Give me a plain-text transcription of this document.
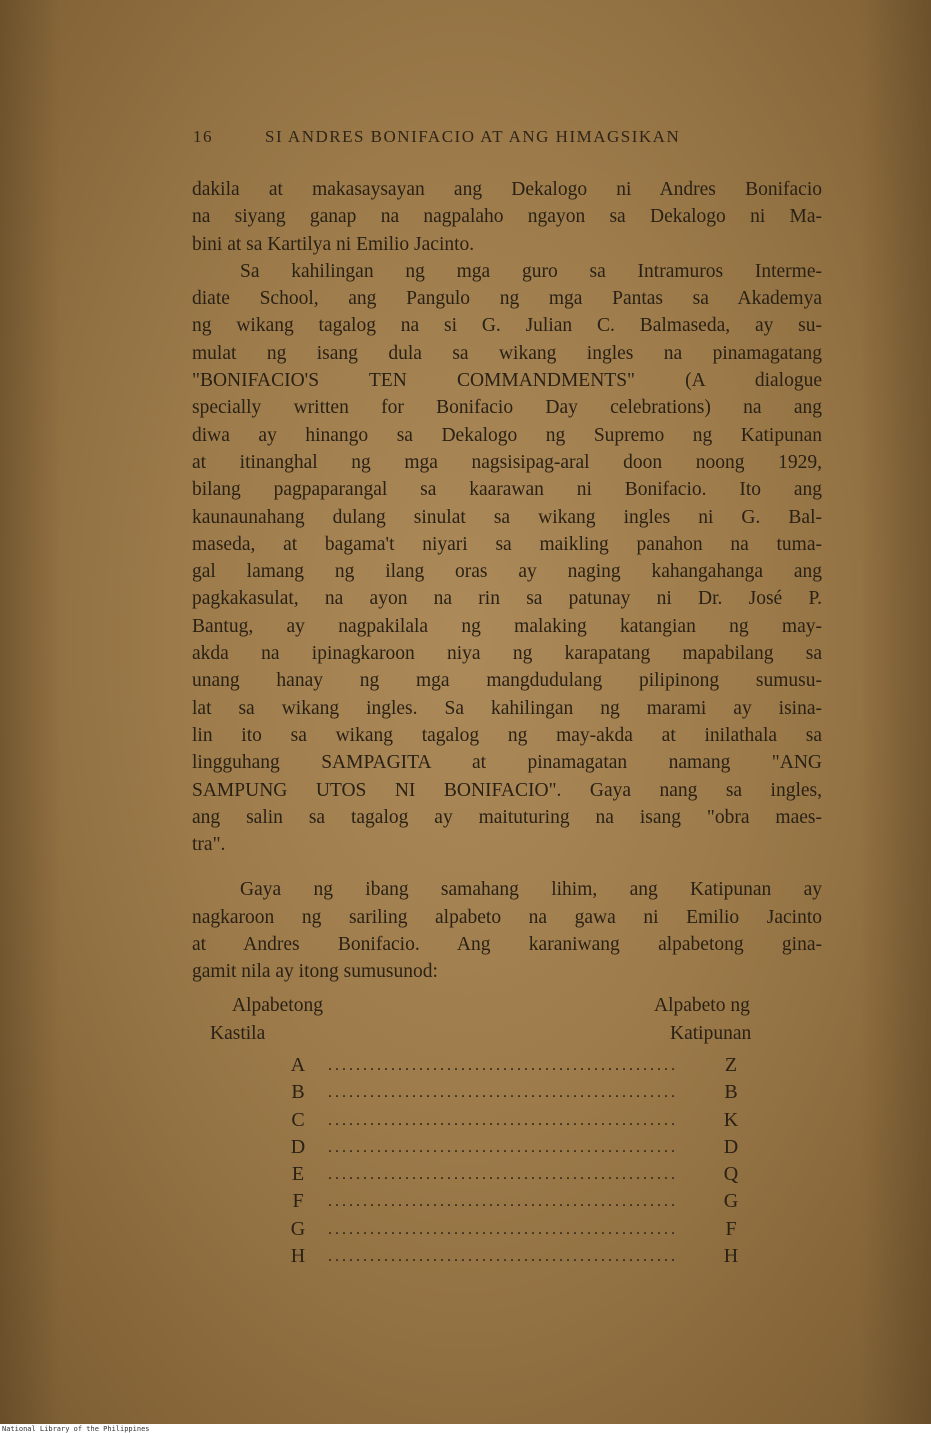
16	SI ANDRES BONIFACIO AT ANG HIMAGSIKAN

dakila at makasaysayan ang Dekalogo ni Andres Bonifacio
na siyang ganap na nagpalaho ngayon sa Dekalogo ni Ma-
bini at sa Kartilya ni Emilio Jacinto.

Sa kahilingan ng mga guro sa Intramuros Interme-
diate School, ang Pangulo ng mga Pantas sa Akademya
ng wikang tagalog na si G. Julian C. Balmaseda, ay su-
mulat ng isang dula sa wikang ingles na pinamagatang
"BONIFACIO'S TEN COMMANDMENTS" (A dialogue
specially written for Bonifacio Day celebrations) na ang
diwa ay hinango sa Dekalogo ng Supremo ng Katipunan
at itinanghal ng mga nagsisipag-aral doon noong 1929,
bilang pagpaparangal sa kaarawan ni Bonifacio. Ito ang
kaunaunahang dulang sinulat sa wikang ingles ni G. Bal-
maseda, at bagama't niyari sa maikling panahon na tuma-
gal lamang ng ilang oras ay naging kahangahanga ang
pagkakasulat, na ayon na rin sa patunay ni Dr. José P.
Bantug, ay nagpakilala ng malaking katangian ng may-
akda na ipinagkaroon niya ng karapatang mapabilang sa
unang hanay ng mga mangdudulang pilipinong sumusu-
lat sa wikang ingles. Sa kahilingan ng marami ay isina-
lin ito sa wikang tagalog ng may-akda at inilathala sa
lingguhang SAMPAGITA at pinamagatan namang "ANG
SAMPUNG UTOS NI BONIFACIO". Gaya nang sa ingles,
ang salin sa tagalog ay maituturing na isang "obra maes-
tra".

Gaya ng ibang samahang lihim, ang Katipunan ay
nagkaroon ng sariling alpabeto na gawa ni Emilio Jacinto
at Andres Bonifacio. Ang karaniwang alpabetong gina-
gamit nila ay itong sumusunod:

Alpabetong
Kastila
Alpabeto ng
Katipunan
A ..................................................	Z
B	..................................................	B
C	..................................................	K
D ..................................................	D
E	..................................................	Q
F	..................................................	G
G ..................................................	F
H ..................................................	H
National Library of the Philippines
